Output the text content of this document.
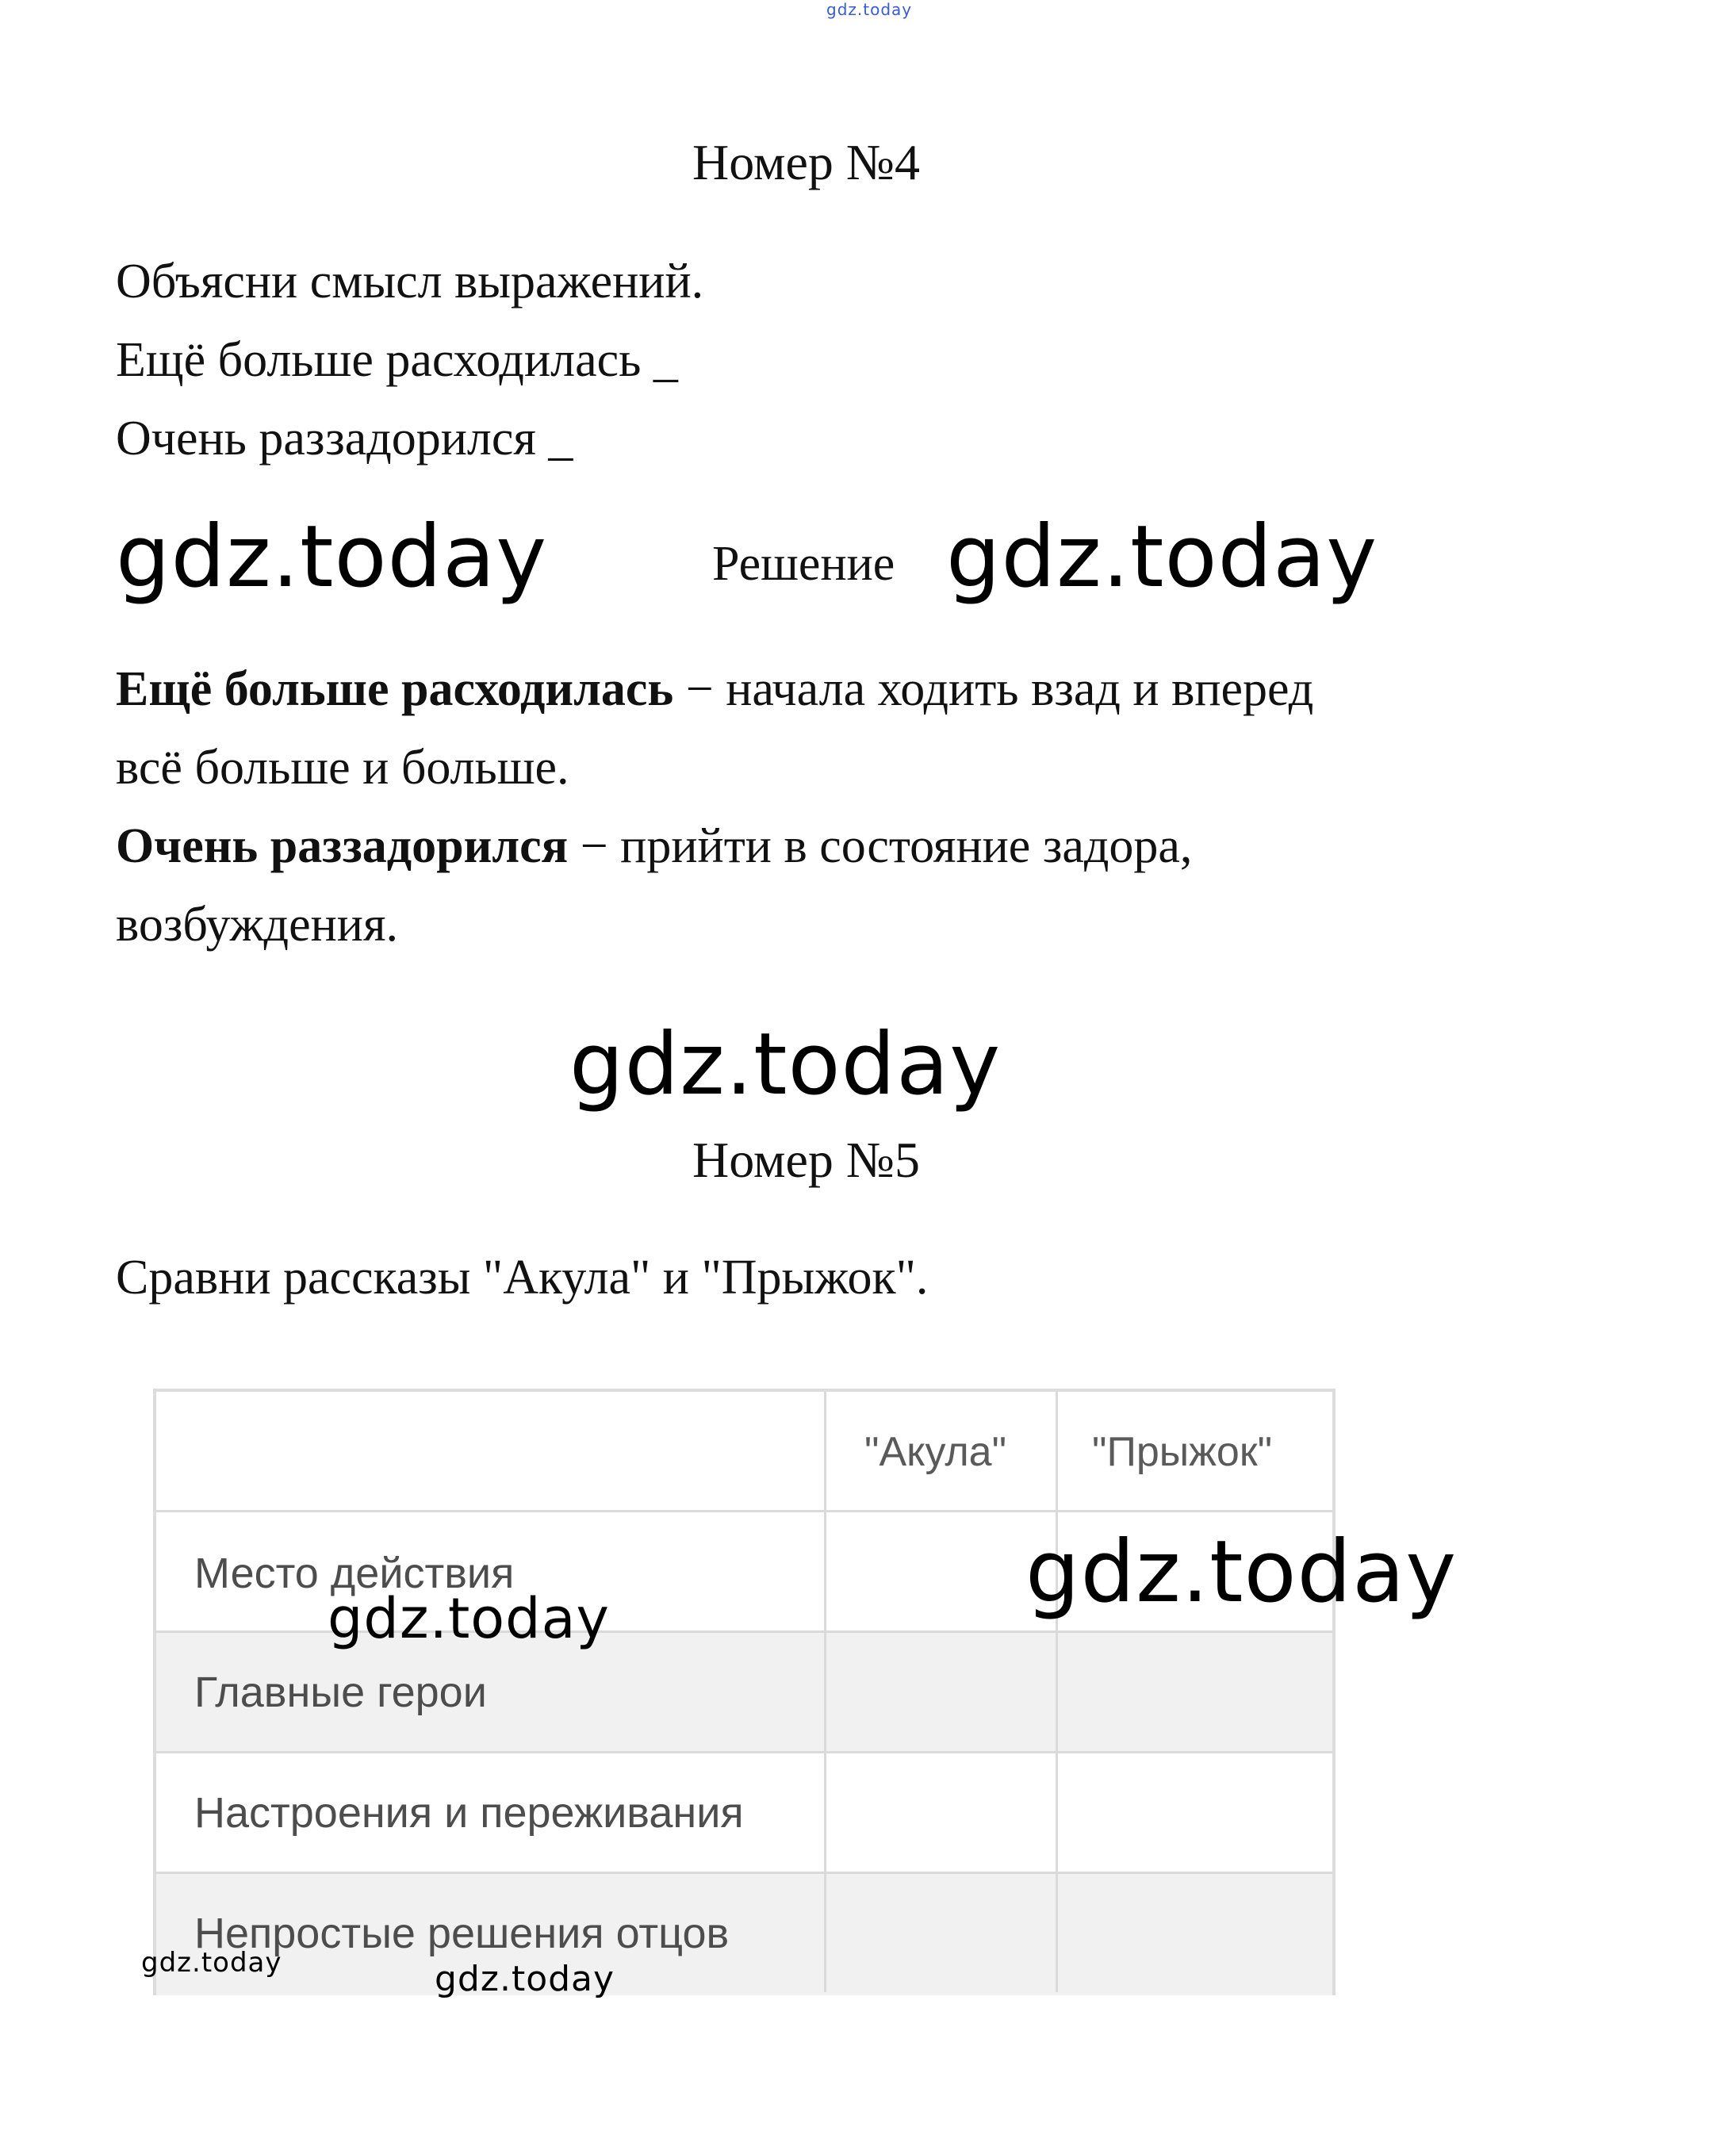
gdz.today
Номер №4
Объясни смысл выражений.
Ещё больше расходилась _
Очень раззадорился _
gdz.today	Решение gdz.today
Ещё больше расходилась − начала ходить взад и вперед
всё больше и больше.
Очень раззадорился − прийти в состояние задора,
возбуждения.
gdz.today
Номер №5
Сравни рассказы "Акула" и "Прыжок".
"Акула" "Прыжок"
Место действия
Главные герои
Настроения и переживания
Непростые решения отцов
gdz.today
gdz.today
gdz.today	gdz.today
